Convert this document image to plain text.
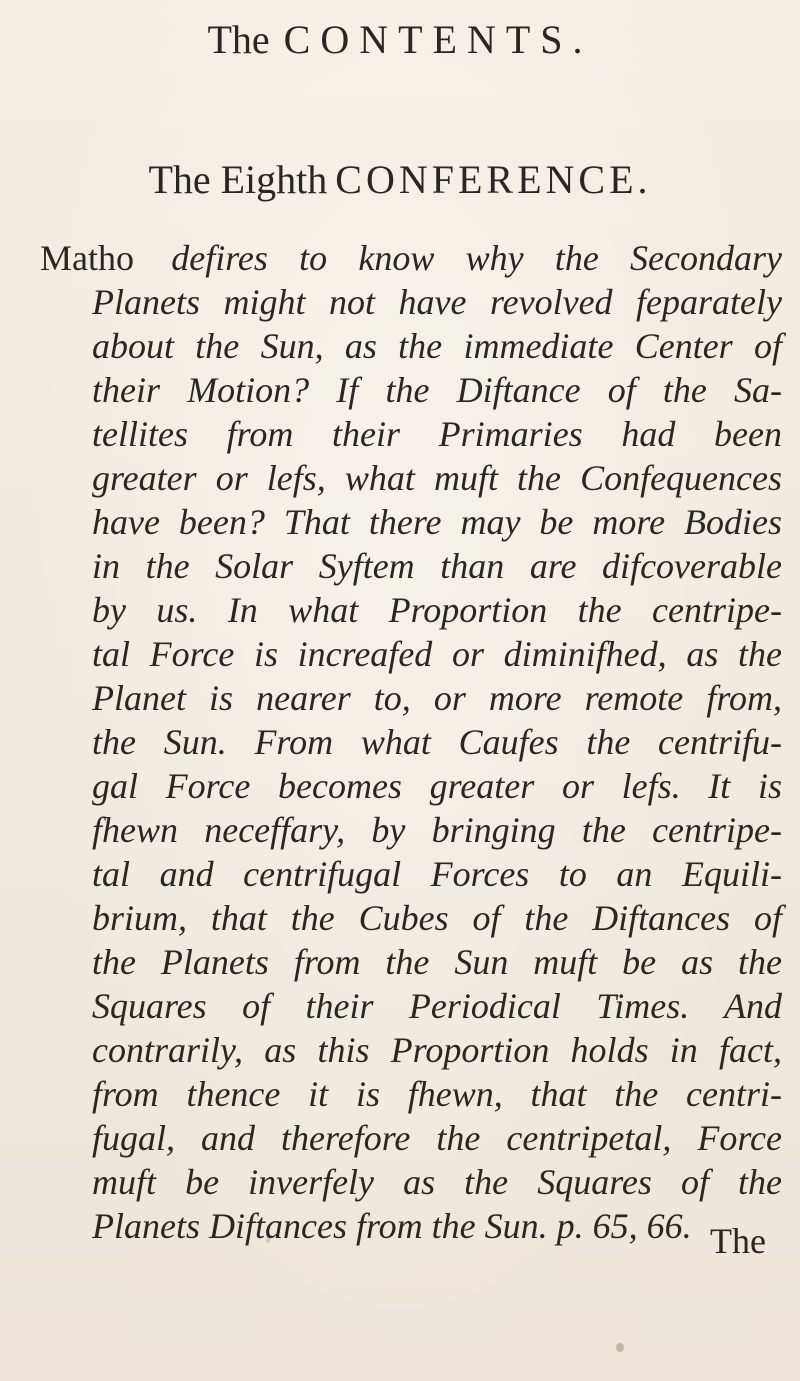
The CONTENTS.
The Eighth CONFERENCE.
Matho defires to know why the Secondary
Planets might not have revolved feparately
about the Sun, as the immediate Center of
their Motion? If the Diftance of the Sa-
tellites from their Primaries had been
greater or lefs, what muft the Confequences
have been? That there may be more Bodies
in the Solar Syftem than are difcoverable
by us. In what Proportion the centripe-
tal Force is increafed or diminifhed, as the
Planet is nearer to, or more remote from,
the Sun. From what Caufes the centrifu-
gal Force becomes greater or lefs. It is
fhewn neceffary, by bringing the centripe-
tal and centrifugal Forces to an Equili-
brium, that the Cubes of the Diftances of
the Planets from the Sun muft be as the
Squares of their Periodical Times. And
contrarily, as this Proportion holds in fact,
from thence it is fhewn, that the centri-
fugal, and therefore the centripetal, Force
muft be inverfely as the Squares of the
Planets Diftances from the Sun. p. 65, 66. The
